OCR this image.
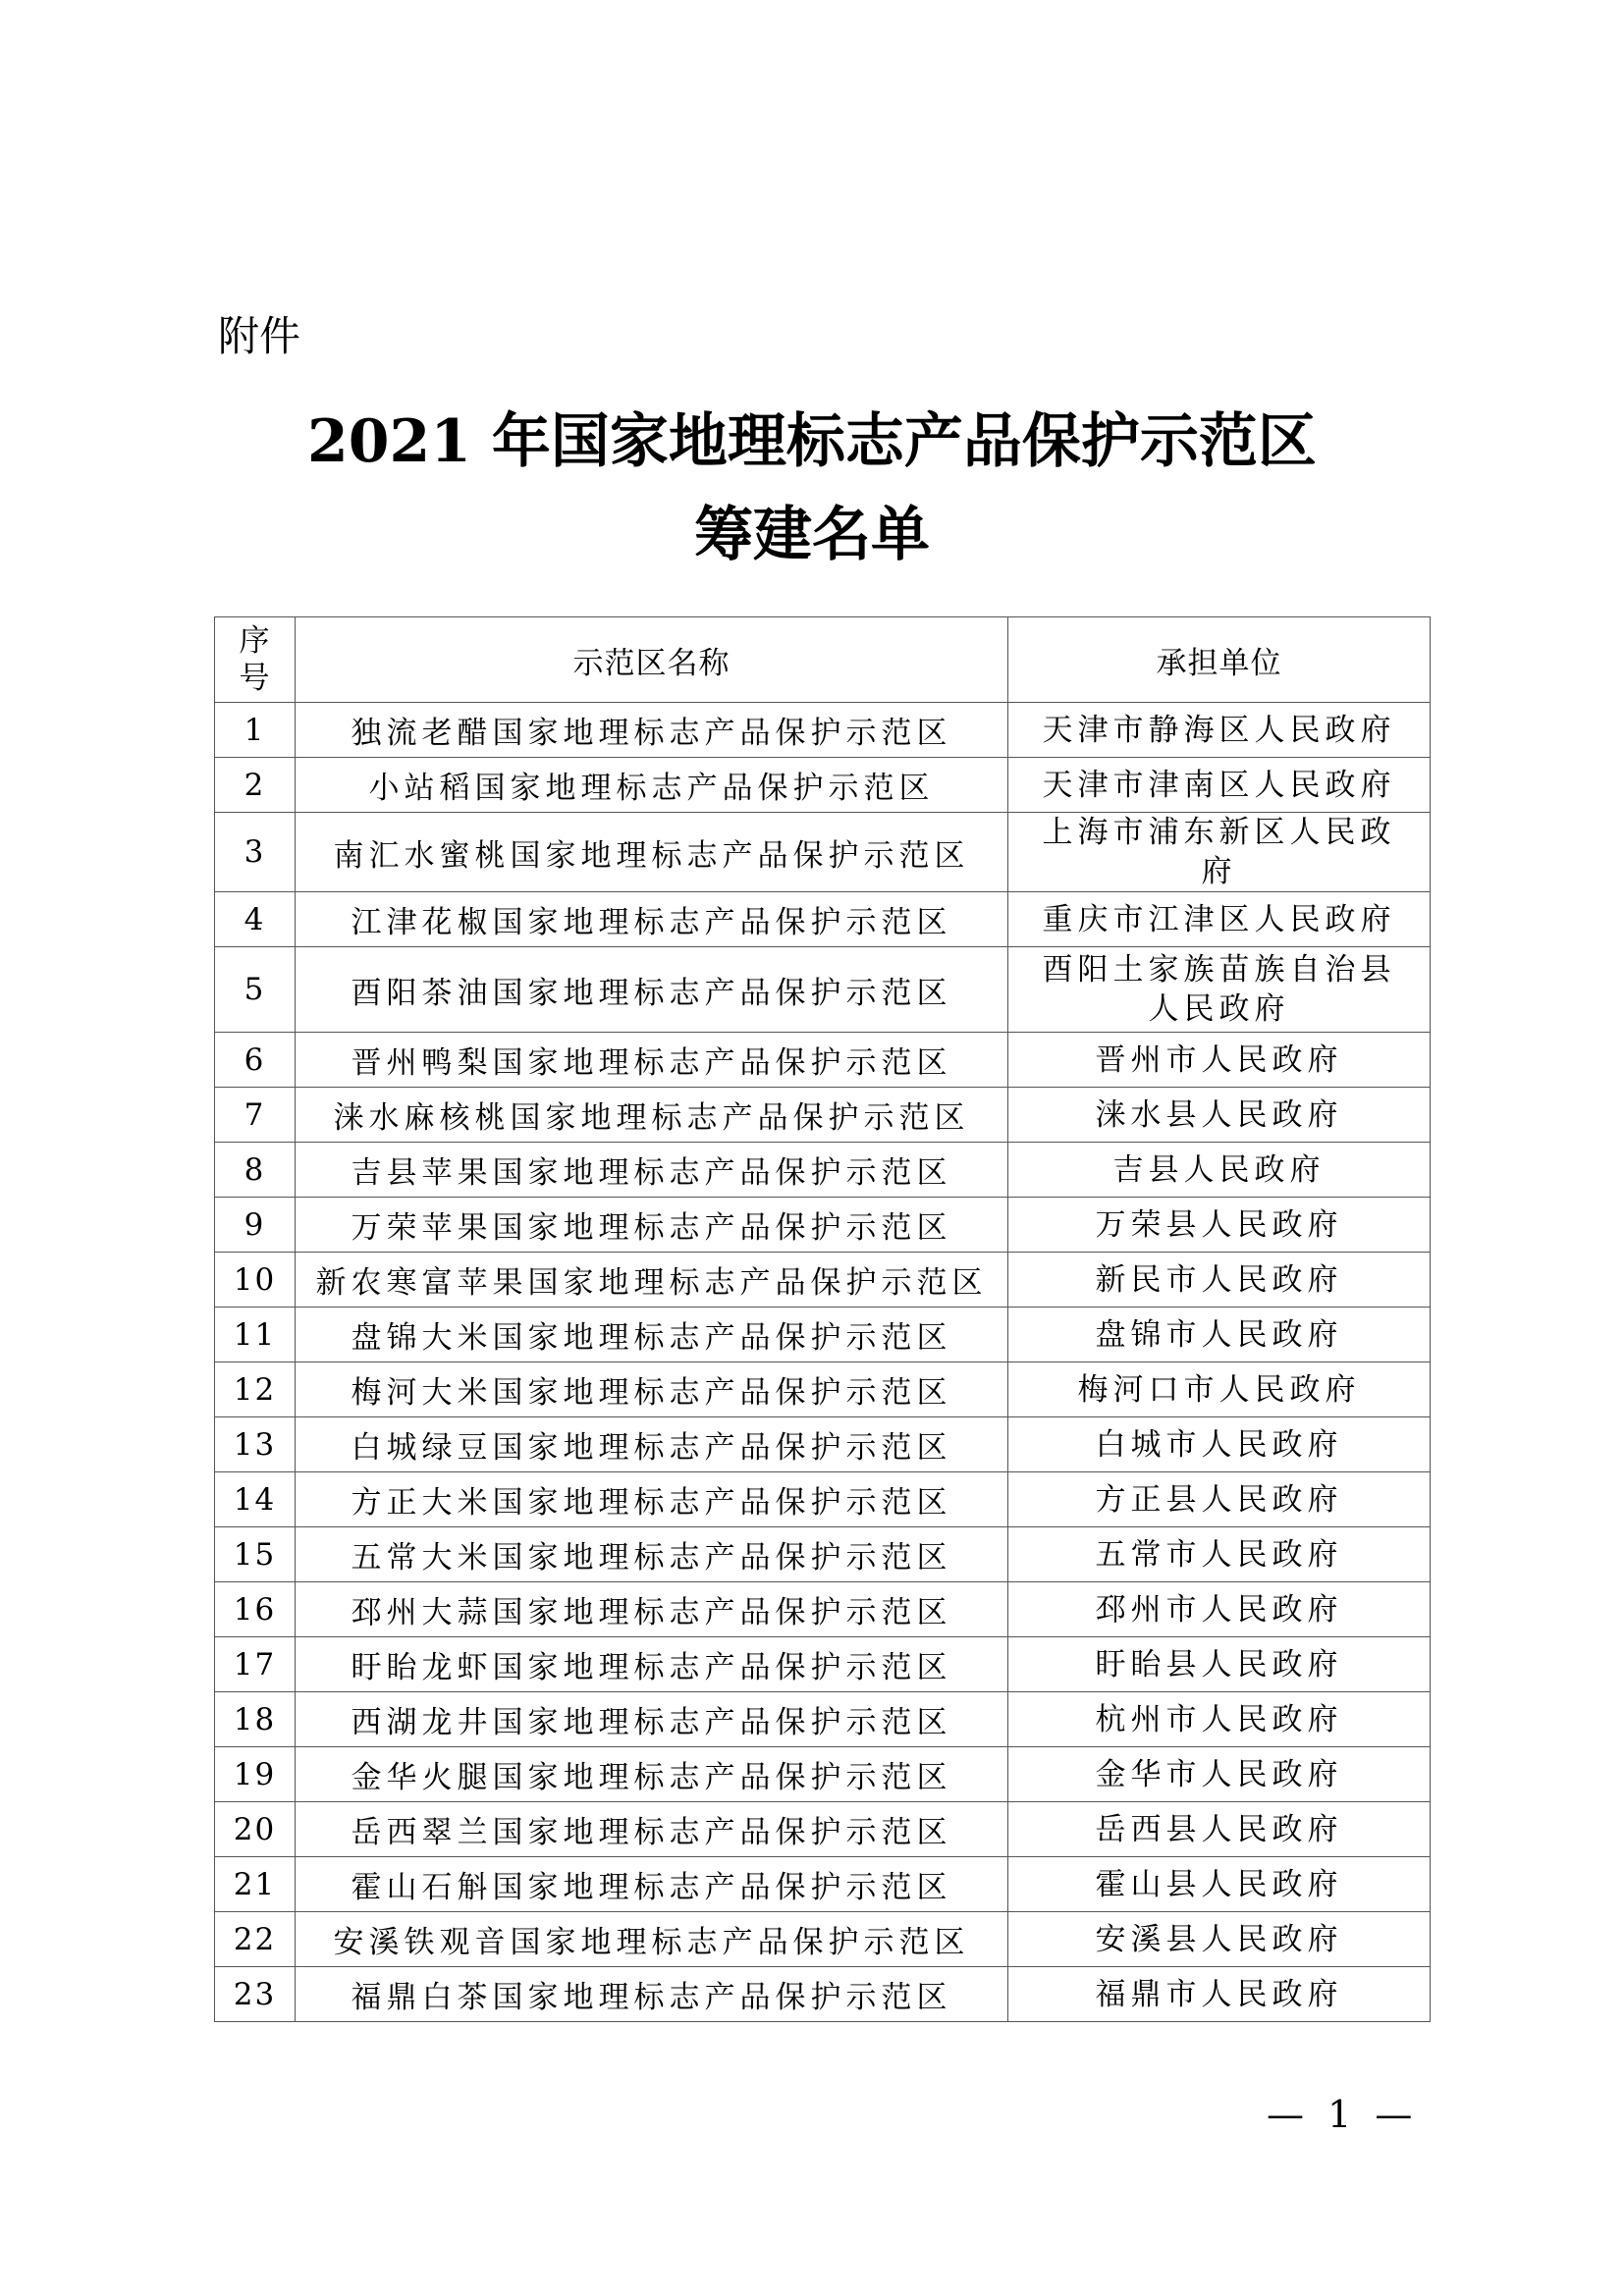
附件
2021 年国家地理标志产品保护示范区
筹建名单
序号	示范区名称	承担单位
1	独流老醋国家地理标志产品保护示范区	天津市静海区人民政府
2	小站稻国家地理标志产品保护示范区	天津市津南区人民政府
3	南汇水蜜桃国家地理标志产品保护示范区	上海市浦东新区人民政府
4	江津花椒国家地理标志产品保护示范区	重庆市江津区人民政府
5	酉阳茶油国家地理标志产品保护示范区	酉阳土家族苗族自治县人民政府
6	晋州鸭梨国家地理标志产品保护示范区	晋州市人民政府
7	涞水麻核桃国家地理标志产品保护示范区	涞水县人民政府
8	吉县苹果国家地理标志产品保护示范区	吉县人民政府
9	万荣苹果国家地理标志产品保护示范区	万荣县人民政府
10	新农寒富苹果国家地理标志产品保护示范区	新民市人民政府
11	盘锦大米国家地理标志产品保护示范区	盘锦市人民政府
12	梅河大米国家地理标志产品保护示范区	梅河口市人民政府
13	白城绿豆国家地理标志产品保护示范区	白城市人民政府
14	方正大米国家地理标志产品保护示范区	方正县人民政府
15	五常大米国家地理标志产品保护示范区	五常市人民政府
16	邳州大蒜国家地理标志产品保护示范区	邳州市人民政府
17	盱眙龙虾国家地理标志产品保护示范区	盱眙县人民政府
18	西湖龙井国家地理标志产品保护示范区	杭州市人民政府
19	金华火腿国家地理标志产品保护示范区	金华市人民政府
20	岳西翠兰国家地理标志产品保护示范区	岳西县人民政府
21	霍山石斛国家地理标志产品保护示范区	霍山县人民政府
22	安溪铁观音国家地理标志产品保护示范区	安溪县人民政府
23	福鼎白茶国家地理标志产品保护示范区	福鼎市人民政府
— 1 —
